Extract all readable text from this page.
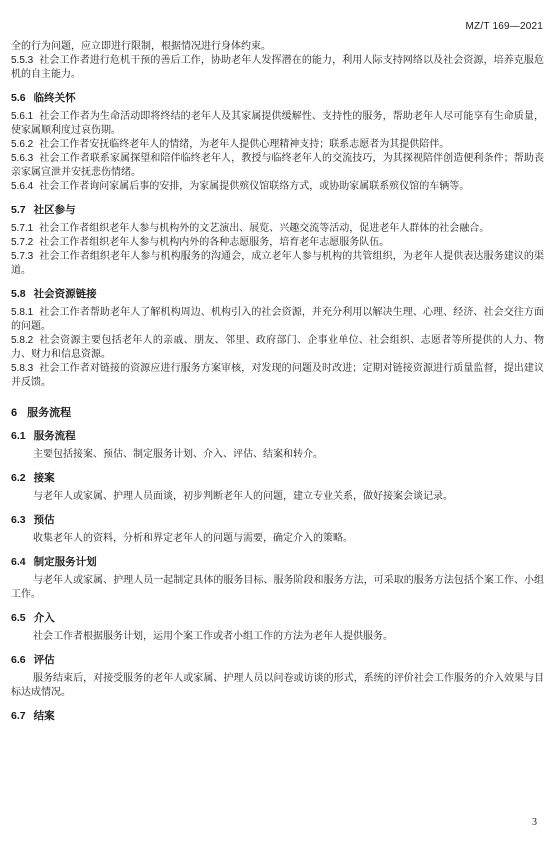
MZ/T 169—2021

全的行为问题，应立即进行限制，根据情况进行身体约束。

5.5.3 社会工作者进行危机干预的善后工作，协助老年人发挥潜在的能力，利用人际支持网络以及社会资源，培养克服危机的自主能力。

5.6 临终关怀

5.6.1 社会工作者为生命活动即将终结的老年人及其家属提供缓解性、支持性的服务，帮助老年人尽可能享有生命质量，使家属顺利度过哀伤期。

5.6.2 社会工作者安抚临终老年人的情绪，为老年人提供心理精神支持；联系志愿者为其提供陪伴。

5.6.3 社会工作者联系家属探望和陪伴临终老年人，教授与临终老年人的交流技巧，为其探视陪伴创造便利条件；帮助丧亲家属宣泄并安抚悲伤情绪。

5.6.4 社会工作者询问家属后事的安排，为家属提供殡仪馆联络方式，或协助家属联系殡仪馆的车辆等。

5.7 社区参与

5.7.1 社会工作者组织老年人参与机构外的文艺演出、展览、兴趣交流等活动，促进老年人群体的社会融合。

5.7.2 社会工作者组织老年人参与机构内外的各种志愿服务，培育老年志愿服务队伍。

5.7.3 社会工作者组织老年人参与机构服务的沟通会，成立老年人参与机构的共管组织，为老年人提供表达服务建议的渠道。

5.8 社会资源链接

5.8.1 社会工作者帮助老年人了解机构周边、机构引入的社会资源，并充分利用以解决生理、心理、经济、社会交往方面的问题。

5.8.2 社会资源主要包括老年人的亲戚、朋友、邻里、政府部门、企事业单位、社会组织、志愿者等所提供的人力、物力、财力和信息资源。

5.8.3 社会工作者对链接的资源应进行服务方案审核，对发现的问题及时改进；定期对链接资源进行质量监督，提出建议并反馈。

6 服务流程
6.1 服务流程

主要包括接案、预估、制定服务计划、介入、评估、结案和转介。

6.2 接案

与老年人或家属、护理人员面谈，初步判断老年人的问题，建立专业关系，做好接案会谈记录。

6.3 预估

收集老年人的资料，分析和界定老年人的问题与需要，确定介入的策略。

6.4 制定服务计划

与老年人或家属、护理人员一起制定具体的服务目标、服务阶段和服务方法，可采取的服务方法包括个案工作、小组工作。

6.5 介入

社会工作者根据服务计划，运用个案工作或者小组工作的方法为老年人提供服务。

6.6 评估

服务结束后，对接受服务的老年人或家属、护理人员以问卷或访谈的形式，系统的评价社会工作服务的介入效果与目标达成情况。

6.7 结案
3
